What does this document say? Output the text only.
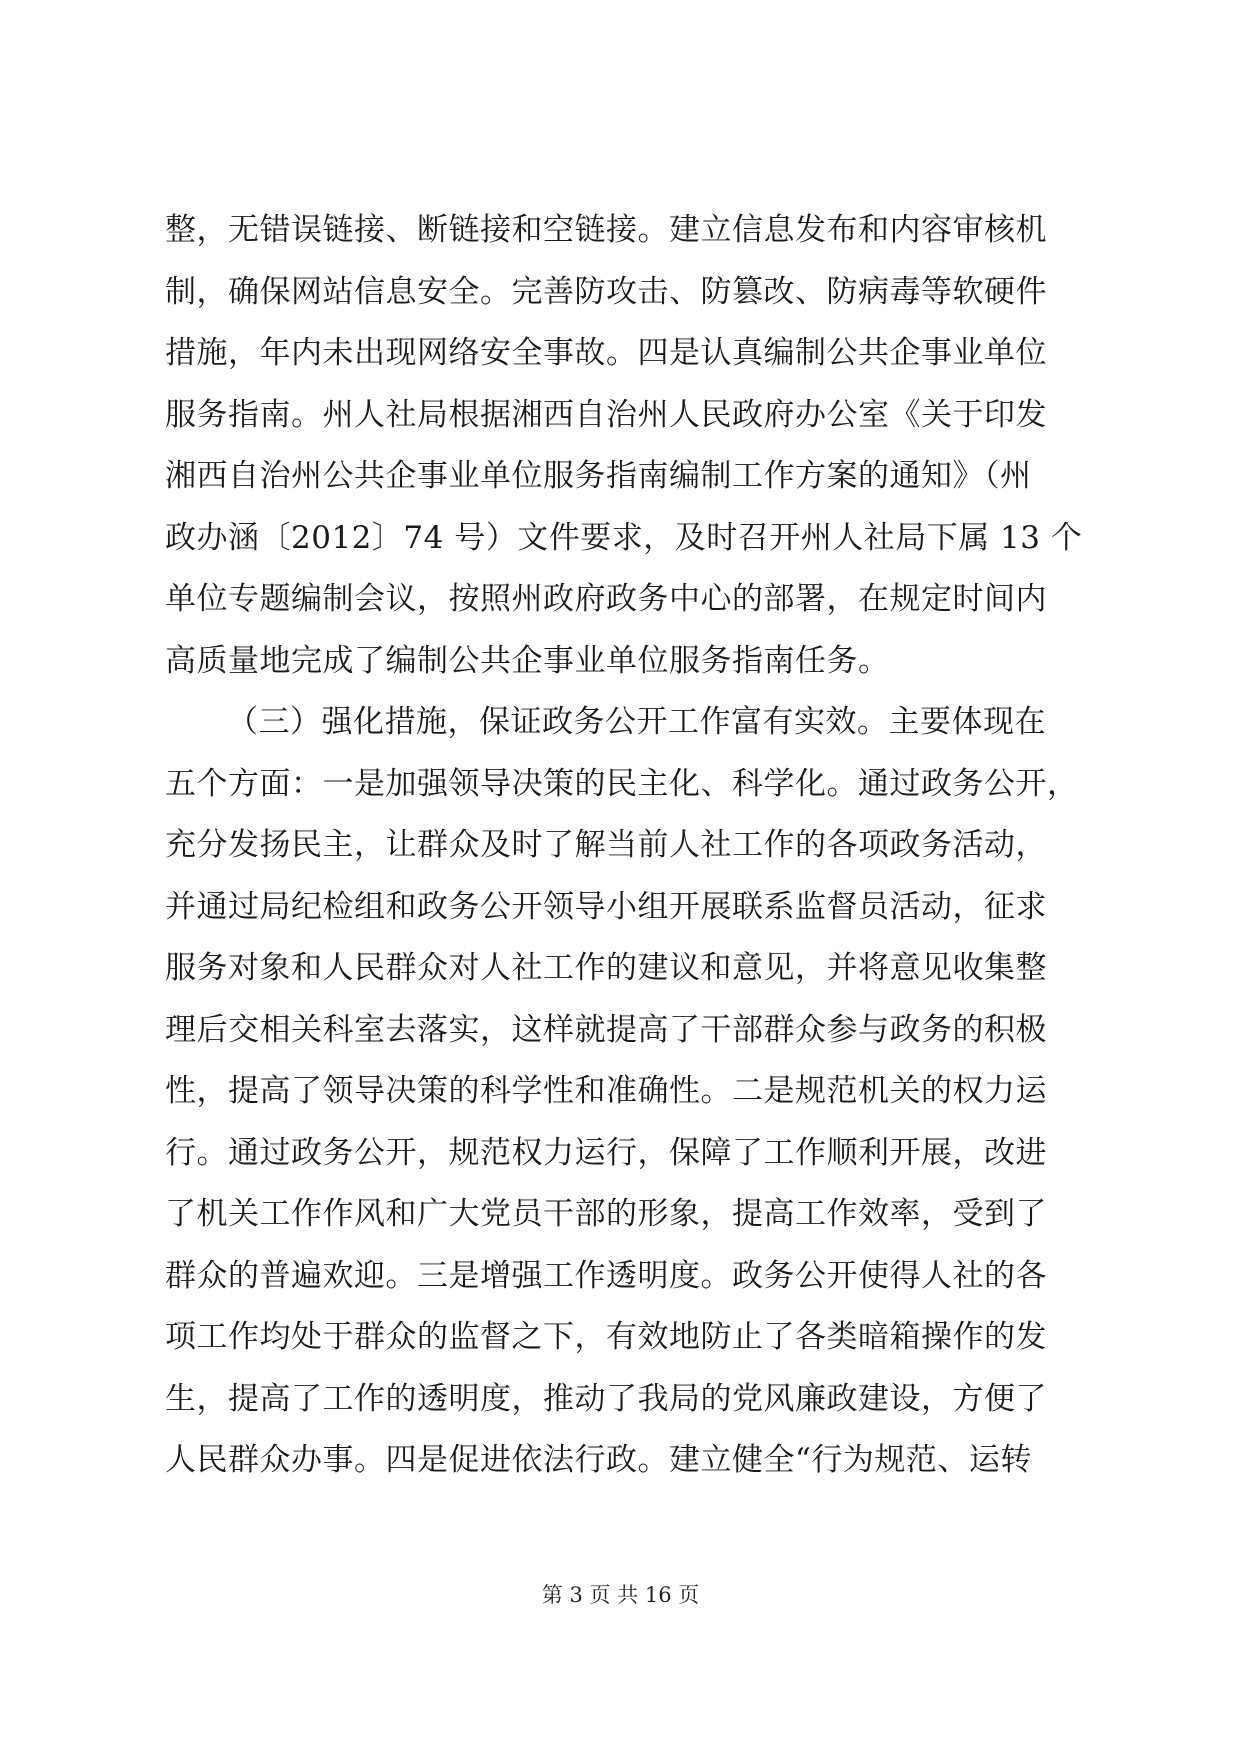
整，无错误链接、断链接和空链接。建立信息发布和内容审核机
制，确保网站信息安全。完善防攻击、防篡改、防病毒等软硬件
措施，年内未出现网络安全事故。四是认真编制公共企事业单位
服务指南。州人社局根据湘西自治州人民政府办公室《关于印发
湘西自治州公共企事业单位服务指南编制工作方案的通知》（州
政办涵〔2012〕74 号）文件要求，及时召开州人社局下属 13 个
单位专题编制会议，按照州政府政务中心的部署，在规定时间内
高质量地完成了编制公共企事业单位服务指南任务。
（三）强化措施，保证政务公开工作富有实效。主要体现在
五个方面：一是加强领导决策的民主化、科学化。通过政务公开，
充分发扬民主，让群众及时了解当前人社工作的各项政务活动，
并通过局纪检组和政务公开领导小组开展联系监督员活动，征求
服务对象和人民群众对人社工作的建议和意见，并将意见收集整
理后交相关科室去落实，这样就提高了干部群众参与政务的积极
性，提高了领导决策的科学性和准确性。二是规范机关的权力运
行。通过政务公开，规范权力运行，保障了工作顺利开展，改进
了机关工作作风和广大党员干部的形象，提高工作效率，受到了
群众的普遍欢迎。三是增强工作透明度。政务公开使得人社的各
项工作均处于群众的监督之下，有效地防止了各类暗箱操作的发
生，提高了工作的透明度，推动了我局的党风廉政建设，方便了
人民群众办事。四是促进依法行政。建立健全“行为规范、运转
第 3 页 共 16 页
